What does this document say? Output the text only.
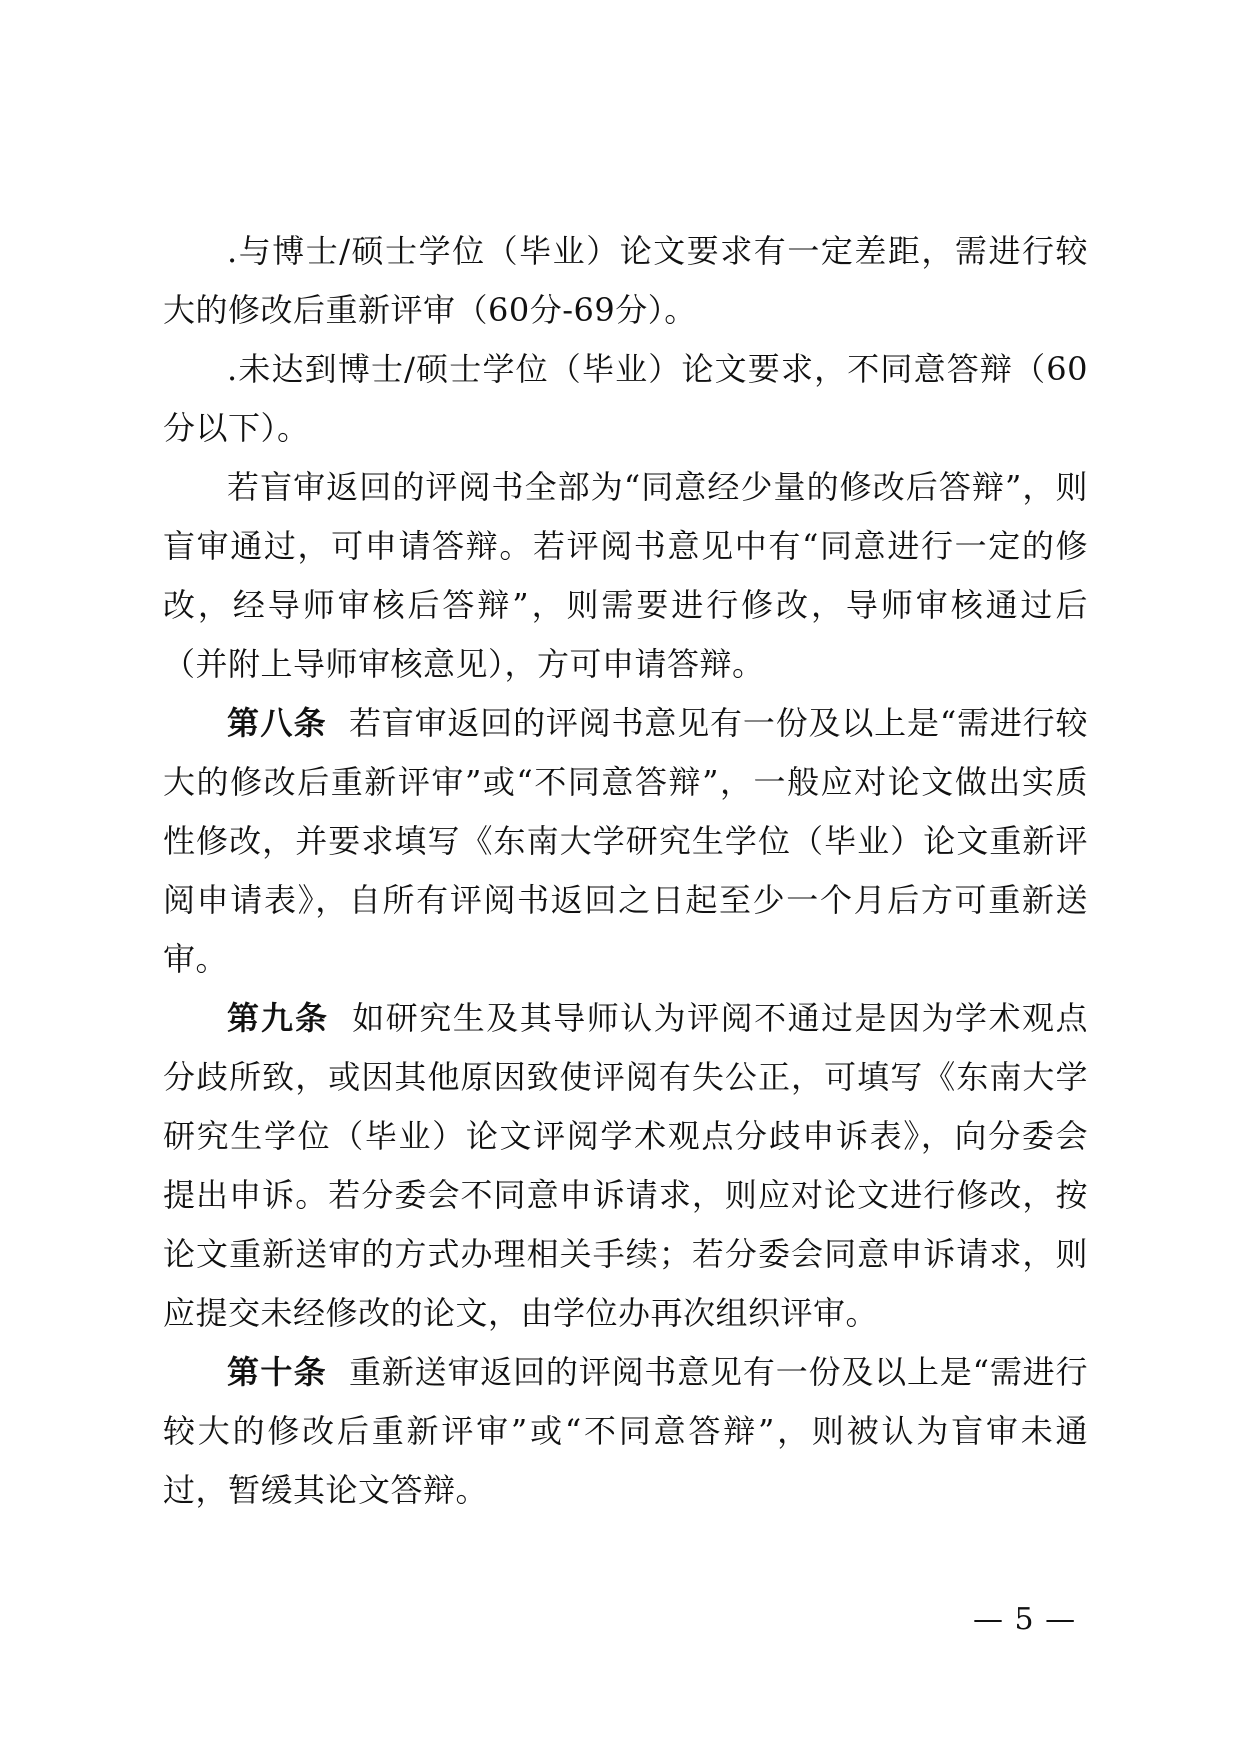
.与博士/硕士学位（毕业）论文要求有一定差距，需进行较大的修改后重新评审（60分-69分）。

.未达到博士/硕士学位（毕业）论文要求，不同意答辩（60分以下）。

若盲审返回的评阅书全部为“同意经少量的修改后答辩”，则盲审通过，可申请答辩。若评阅书意见中有“同意进行一定的修改，经导师审核后答辩”，则需要进行修改，导师审核通过后（并附上导师审核意见），方可申请答辩。

第八条 若盲审返回的评阅书意见有一份及以上是“需进行较大的修改后重新评审”或“不同意答辩”，一般应对论文做出实质性修改，并要求填写《东南大学研究生学位（毕业）论文重新评阅申请表》，自所有评阅书返回之日起至少一个月后方可重新送审。

第九条 如研究生及其导师认为评阅不通过是因为学术观点分歧所致，或因其他原因致使评阅有失公正，可填写《东南大学研究生学位（毕业）论文评阅学术观点分歧申诉表》，向分委会提出申诉。若分委会不同意申诉请求，则应对论文进行修改，按论文重新送审的方式办理相关手续；若分委会同意申诉请求，则应提交未经修改的论文，由学位办再次组织评审。

第十条 重新送审返回的评阅书意见有一份及以上是“需进行较大的修改后重新评审”或“不同意答辩”，则被认为盲审未通过，暂缓其论文答辩。

— 5 —
